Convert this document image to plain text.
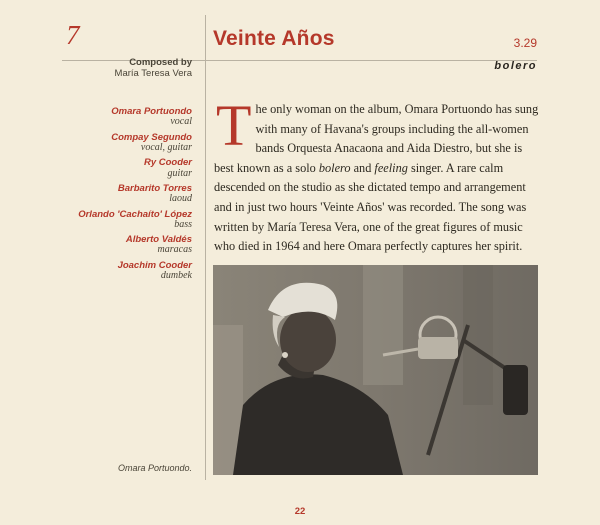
7	Veinte Años	3.29
bolero
Composed by
María Teresa Vera
Omara Portuondo
vocal
Compay Segundo
vocal, guitar
Ry Cooder
guitar
Barbarito Torres
laoud
Orlando 'Cachaíto' López
bass
Alberto Valdés
maracas
Joachim Cooder
dumbek

The only woman on the album, Omara Portuondo has sung with many of Havana's groups including the all-women bands Orquesta Anacaona and Aida Diestro, but she is best known as a solo bolero and feeling singer. A rare calm descended on the studio as she dictated tempo and arrangement and in just two hours 'Veinte Años' was recorded. The song was written by María Teresa Vera, one of the great figures of music who died in 1964 and here Omara perfectly captures her spirit.

Omara Portuondo.
22
